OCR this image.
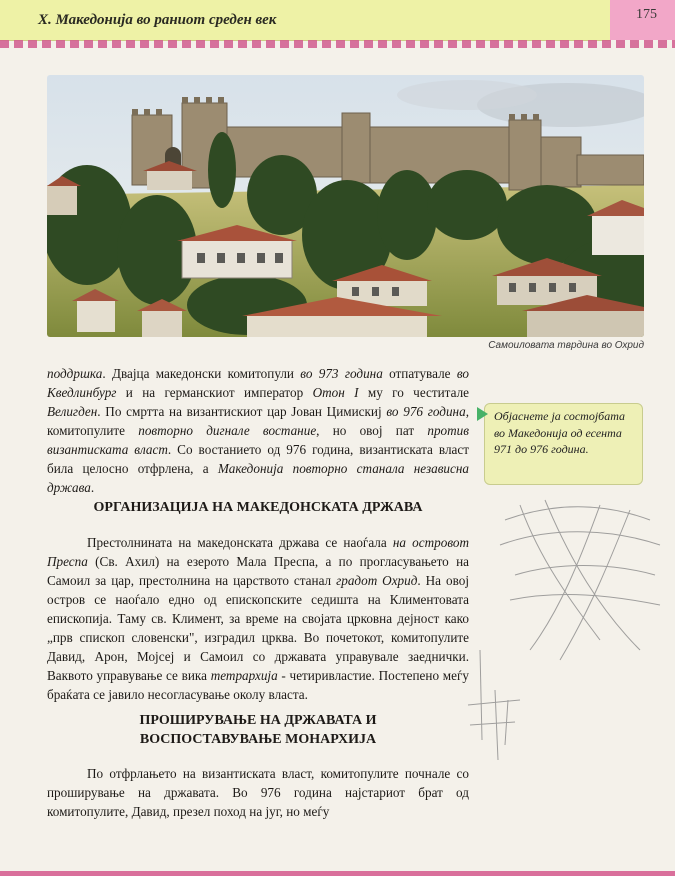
X. Македонија во раниот среден век	175
Самоиловата тврдина во Охрид

поддршка. Двајца македонски комитопули во 973 година отпатувале во Кведлинбург и на германскиот император Отон I му го честитале Велигден. По смртта на византискиот цар Јован Цимискиј во 976 година, комитопулите повторно дигнале востание, но овој пат против византиската власт. Со востанието од 976 година, византиската власт била целосно отфрлена, а Македонија повторно станала независна држава.

Објаснете ја состојбата во Македонија од есента 971 до 976 година.
ОРГАНИЗАЦИЈА НА МАКЕДОНСКАТА ДРЖАВА

Престолнината на македонската држава се наоѓала на островот Преспа (Св. Ахил) на езерото Мала Преспа, а по прогласувањето на Самоил за цар, престолнина на царството станал градот Охрид. На овој остров се наоѓало едно од епископските седишта на Климентовата епископија. Таму св. Климент, за време на својата црковна дејност како „прв спископ словенски", изградил црква. Во почетокот, комитопулите Давид, Арон, Мојсеј и Самоил со државата управувале заеднички. Ваквото управување се вика тетрархија - четиривластие. Постепено меѓу браќата се јавило несогласување околу власта.

ПРОШИРУВАЊЕ НА ДРЖАВАТА И
ВОСПОСТАВУВАЊЕ МОНАРХИЈА

По отфрлањето на византиската власт, комитопулите почнале со проширување на државата. Во 976 година најстариот брат од комитопулите, Давид, презел поход на југ, но меѓу
